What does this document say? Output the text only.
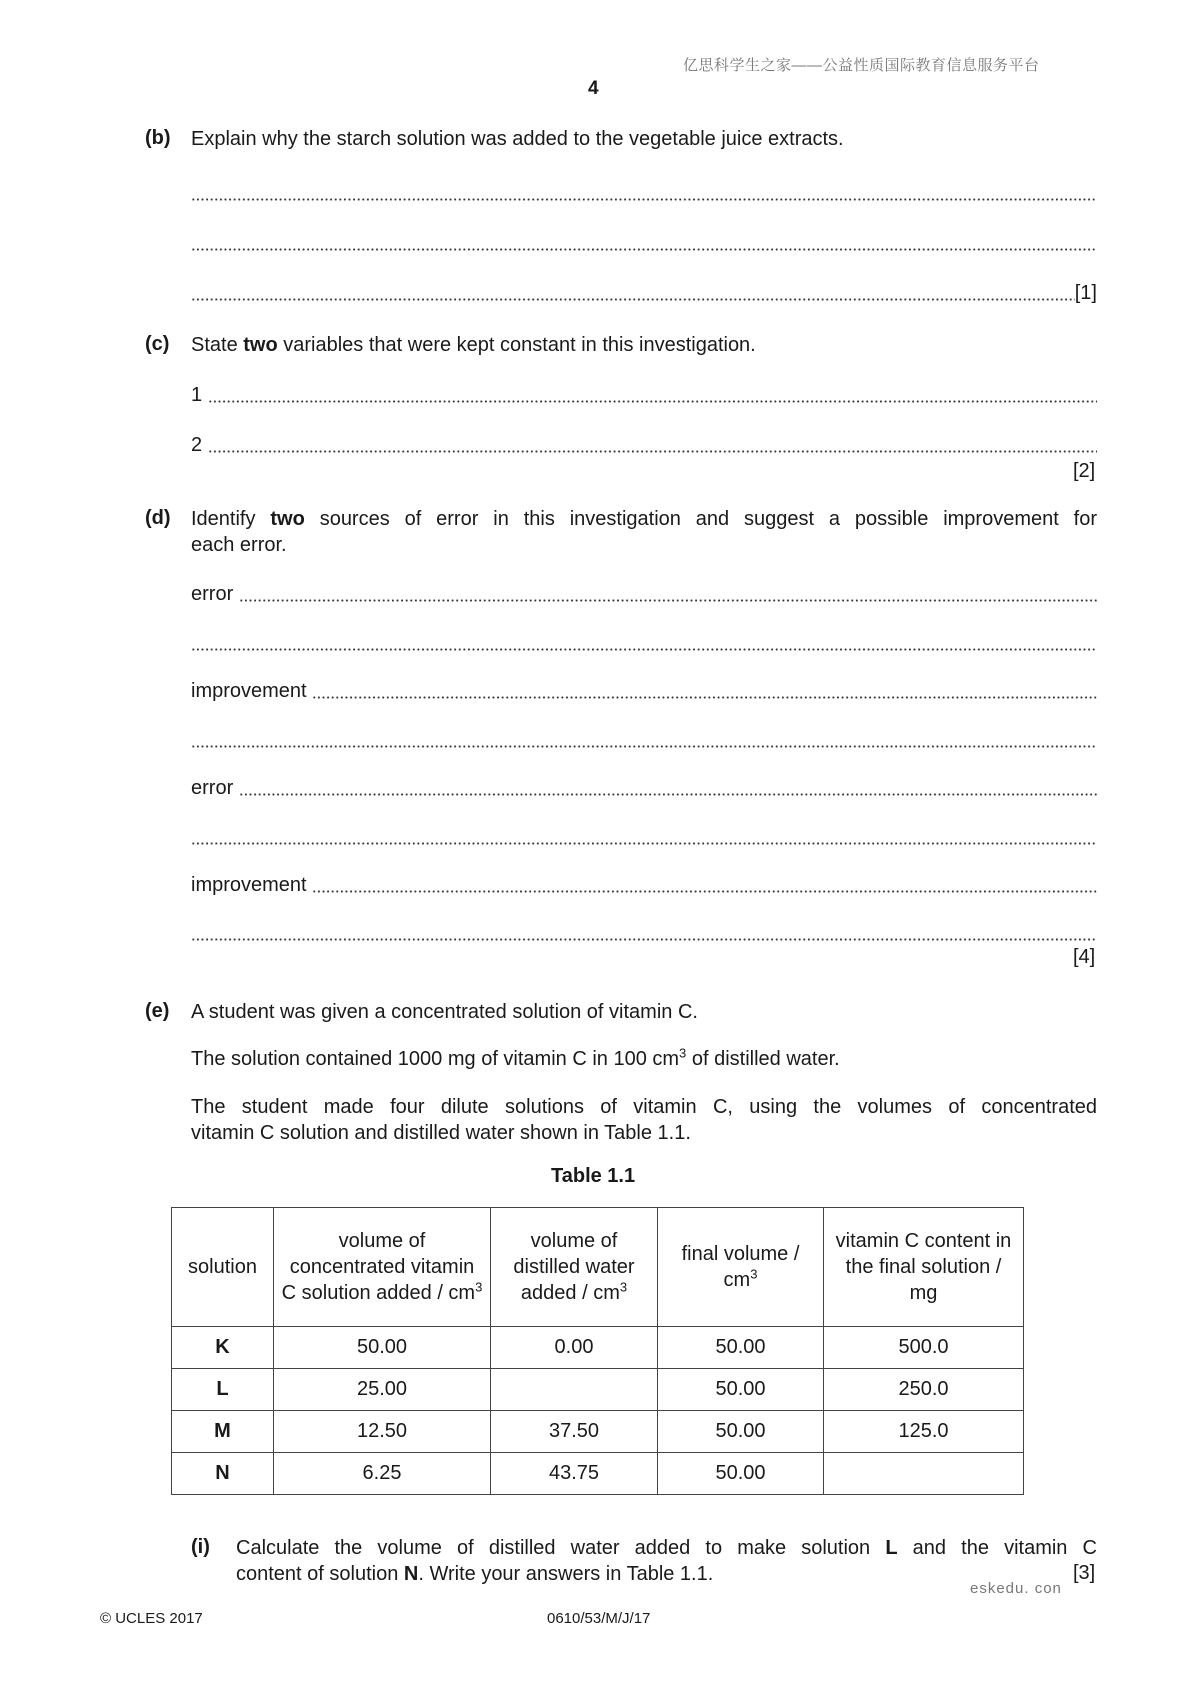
亿思科学生之家——公益性质国际教育信息服务平台
4
(b) Explain why the starch solution was added to the vegetable juice extracts.
[1]
(c) State two variables that were kept constant in this investigation.
1

2

[2]
(d) Identify two sources of error in this investigation and suggest a possible improvement for
each error.
error

improvement

error

improvement

[4]
(e) A student was given a concentrated solution of vitamin C.
The solution contained 1000 mg of vitamin C in 100 $cm^3$ of distilled water.
The student made four dilute solutions of vitamin C, using the volumes of concentrated
vitamin C solution and distilled water shown in Table 1.1.
Table 1.1
solution	volume of concentrated vitamin C solution added / $cm^3$	volume of distilled water added / $cm^3$	final volume / $cm^3$	vitamin C content in the final solution / mg
K	50.00	0.00	50.00	500.0
L	25.00		50.00	250.0
M	12.50	37.50	50.00	125.0
N	6.25	43.75	50.00	
(i) Calculate the volume of distilled water added to make solution L and the vitamin C
content of solution N. Write your answers in Table 1.1.	[3]
eskedu. con
© UCLES 2017	0610/53/M/J/17
